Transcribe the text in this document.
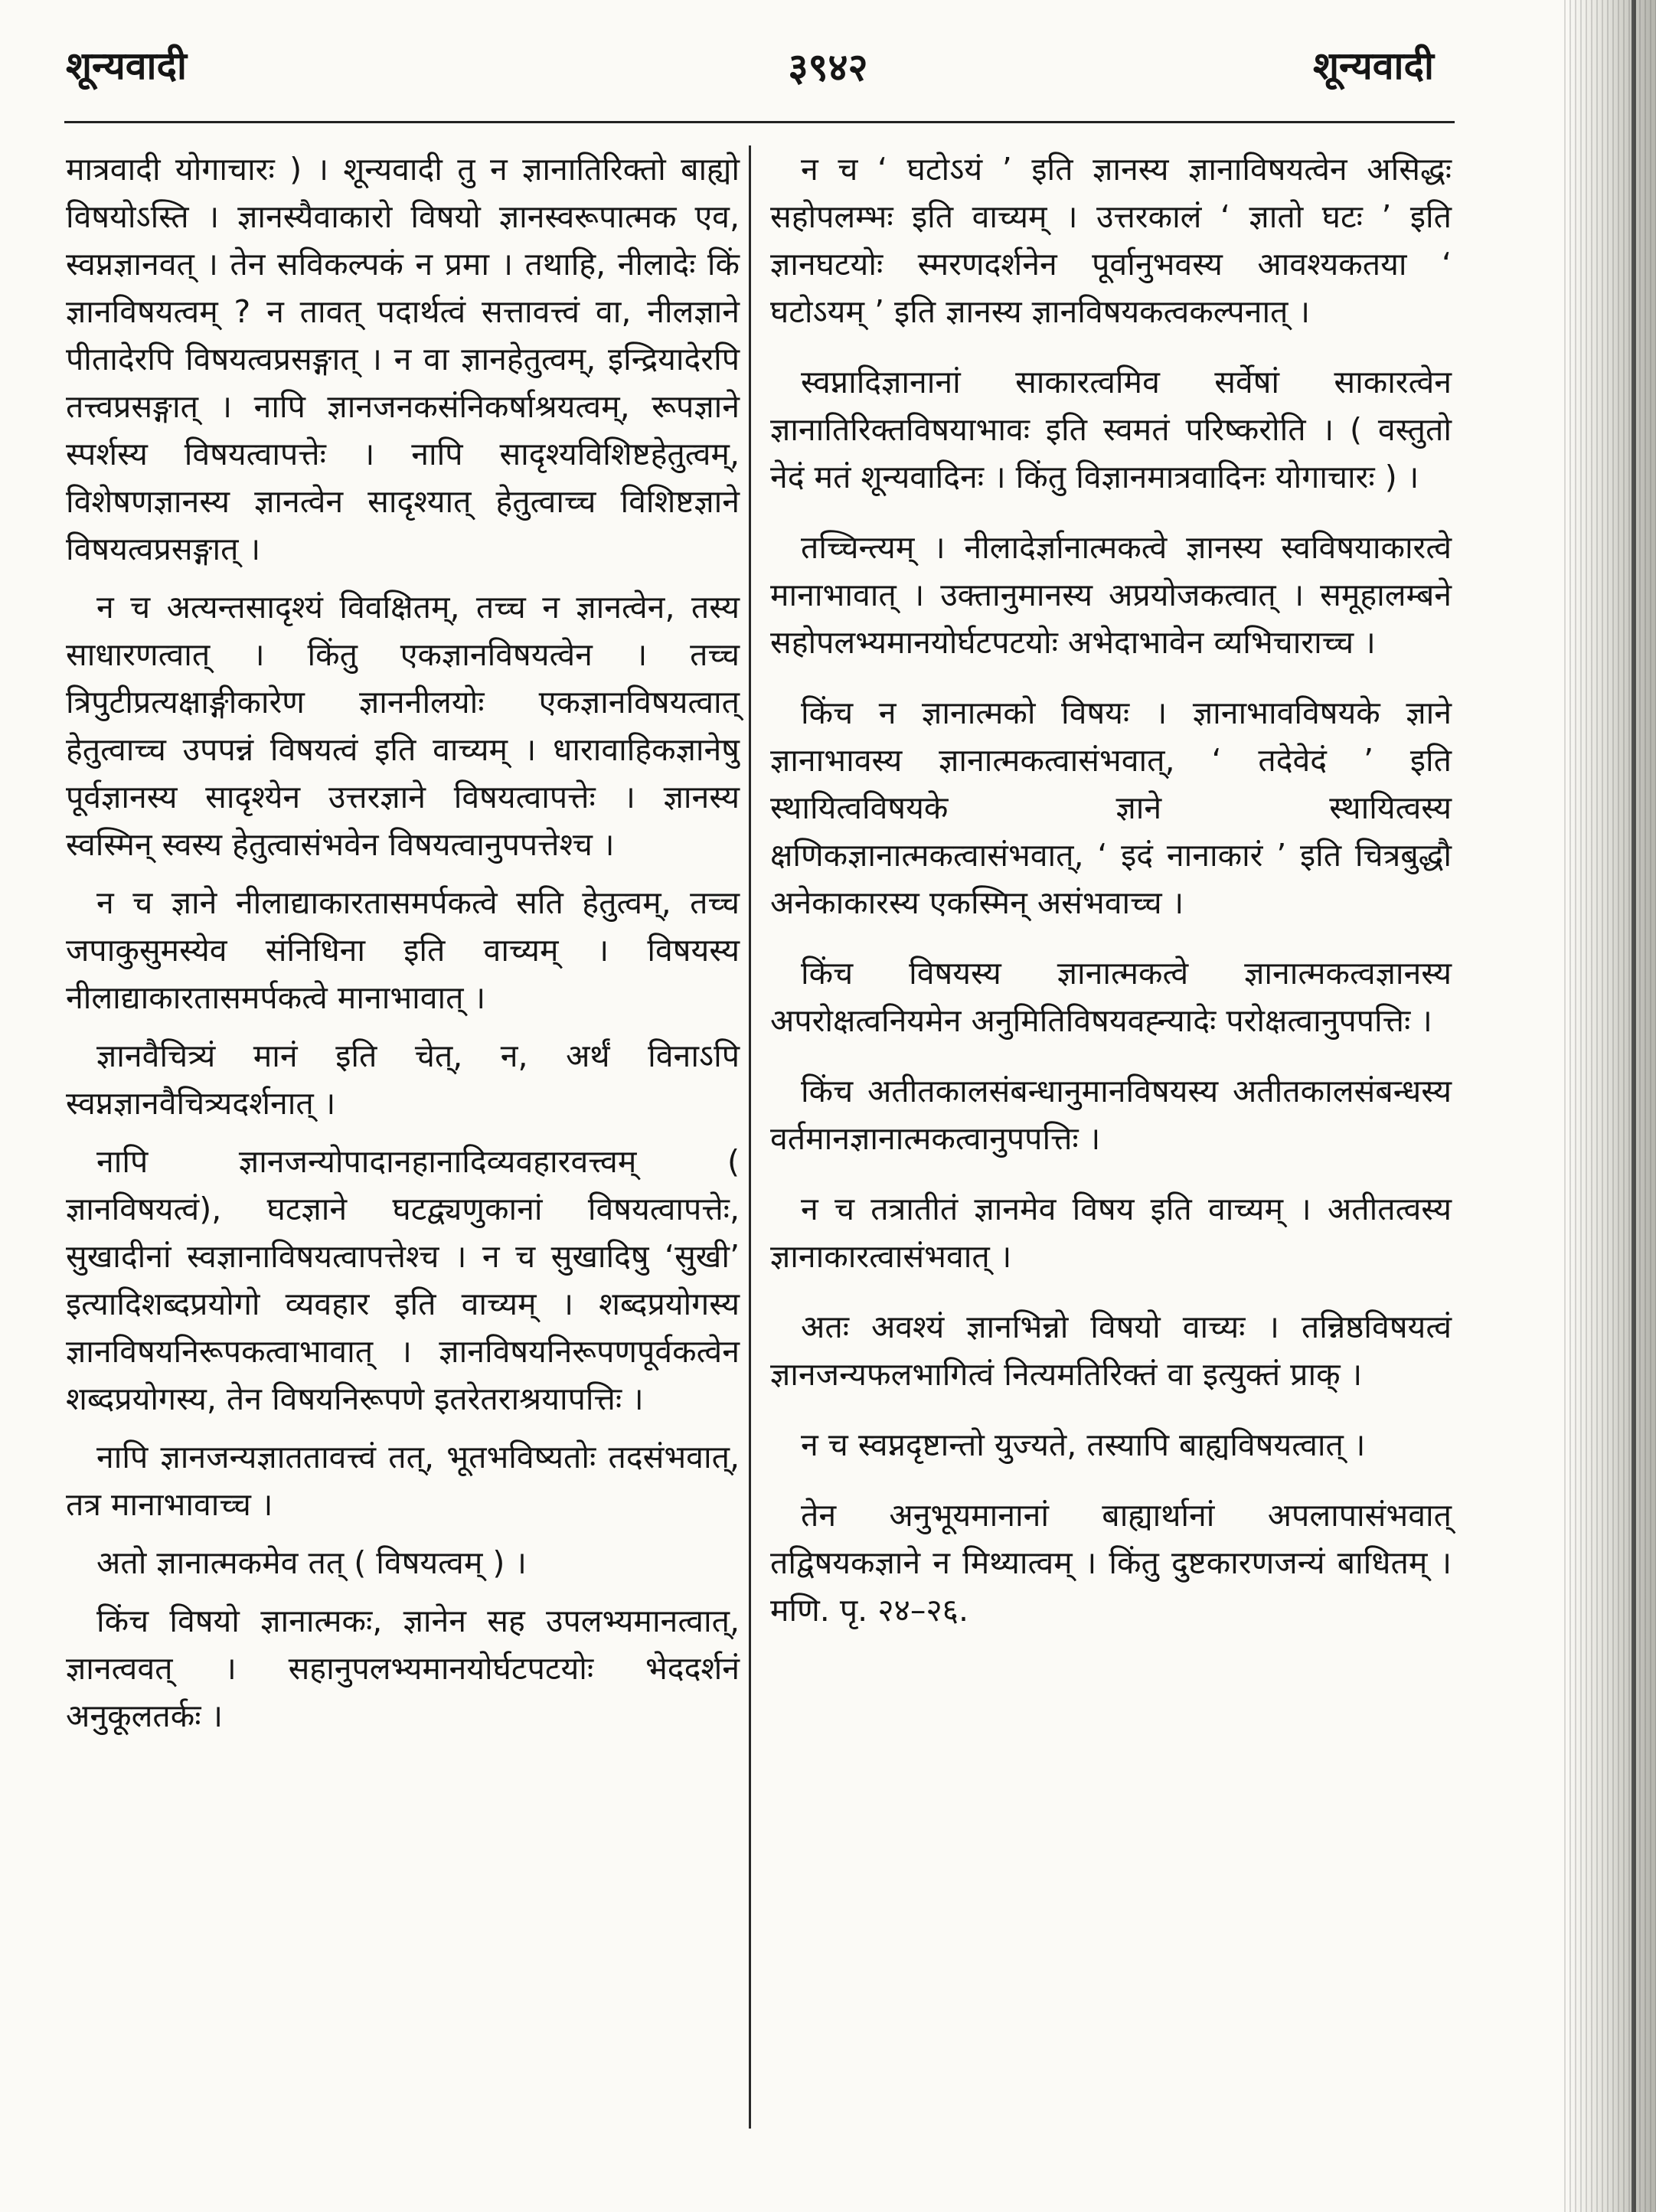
शून्यवादी	३९४२	शून्यवादी

मात्रवादी योगाचारः ) । शून्यवादी तु न ज्ञानातिरिक्तो बाह्यो विषयोऽस्ति । ज्ञानस्यैवाकारो विषयो ज्ञानस्वरूपात्मक एव, स्वप्नज्ञानवत् । तेन सविकल्पकं न प्रमा । तथाहि, नीलादेः किं ज्ञानविषयत्वम् ? न तावत् पदार्थत्वं सत्तावत्त्वं वा, नीलज्ञाने पीतादेरपि विषयत्वप्रसङ्गात् । न वा ज्ञानहेतुत्वम्, इन्द्रियादेरपि तत्त्वप्रसङ्गात् । नापि ज्ञानजनकसंनिकर्षाश्रयत्वम्, रूपज्ञाने स्पर्शस्य विषयत्वापत्तेः । नापि सादृश्यविशिष्टहेतुत्वम्, विशेषणज्ञानस्य ज्ञानत्वेन सादृश्यात् हेतुत्वाच्च विशिष्टज्ञाने विषयत्वप्रसङ्गात् ।

न च अत्यन्तसादृश्यं विवक्षितम्, तच्च न ज्ञानत्वेन, तस्य साधारणत्वात् । किंतु एकज्ञानविषयत्वेन । तच्च त्रिपुटीप्रत्यक्षाङ्गीकारेण ज्ञाननीलयोः एकज्ञानविषयत्वात् हेतुत्वाच्च उपपन्नं विषयत्वं इति वाच्यम् । धारावाहिकज्ञानेषु पूर्वज्ञानस्य सादृश्येन उत्तरज्ञाने विषयत्वापत्तेः । ज्ञानस्य स्वस्मिन् स्वस्य हेतुत्वासंभवेन विषयत्वानुपपत्तेश्च ।

न च ज्ञाने नीलाद्याकारतासमर्पकत्वे सति हेतुत्वम्, तच्च जपाकुसुमस्येव संनिधिना इति वाच्यम् । विषयस्य नीलाद्याकारतासमर्पकत्वे मानाभावात् ।

ज्ञानवैचित्र्यं मानं इति चेत्, न, अर्थं विनाऽपि स्वप्नज्ञानवैचित्र्यदर्शनात् ।

नापि ज्ञानजन्योपादानहानादिव्यवहारवत्त्वम् ( ज्ञानविषयत्वं), घटज्ञाने घटद्व्यणुकानां विषयत्वापत्तेः, सुखादीनां स्वज्ञानाविषयत्वापत्तेश्च । न च सुखादिषु ‘सुखी’ इत्यादिशब्दप्रयोगो व्यवहार इति वाच्यम् । शब्दप्रयोगस्य ज्ञानविषयनिरूपकत्वाभावात् । ज्ञानविषयनिरूपणपूर्वकत्वेन शब्दप्रयोगस्य, तेन विषयनिरूपणे इतरेतराश्रयापत्तिः ।

नापि ज्ञानजन्यज्ञाततावत्त्वं तत्, भूतभविष्यतोः तदसंभवात्, तत्र मानाभावाच्च ।

अतो ज्ञानात्मकमेव तत् ( विषयत्वम् ) ।

किंच विषयो ज्ञानात्मकः, ज्ञानेन सह उपलभ्यमानत्वात्, ज्ञानत्ववत् । सहानुपलभ्यमानयोर्घटपटयोः भेददर्शनं अनुकूलतर्कः ।

न च ‘ घटोऽयं ’ इति ज्ञानस्य ज्ञानाविषयत्वेन असिद्धः सहोपलम्भः इति वाच्यम् । उत्तरकालं ‘ ज्ञातो घटः ’ इति ज्ञानघटयोः स्मरणदर्शनेन पूर्वानुभवस्य आवश्यकतया ‘ घटोऽयम् ’ इति ज्ञानस्य ज्ञानविषयकत्वकल्पनात् ।

स्वप्नादिज्ञानानां साकारत्वमिव सर्वेषां साकारत्वेन ज्ञानातिरिक्तविषयाभावः इति स्वमतं परिष्करोति । ( वस्तुतो नेदं मतं शून्यवादिनः । किंतु विज्ञानमात्रवादिनः योगाचारः ) ।

तच्चिन्त्यम् । नीलादेर्ज्ञानात्मकत्वे ज्ञानस्य स्वविषयाकारत्वे मानाभावात् । उक्तानुमानस्य अप्रयोजकत्वात् । समूहालम्बने सहोपलभ्यमानयोर्घटपटयोः अभेदाभावेन व्यभिचाराच्च ।

किंच न ज्ञानात्मको विषयः । ज्ञानाभावविषयके ज्ञाने ज्ञानाभावस्य ज्ञानात्मकत्वासंभवात्, ‘ तदेवेदं ’ इति स्थायित्वविषयके ज्ञाने स्थायित्वस्य क्षणिकज्ञानात्मकत्वासंभवात्, ‘ इदं नानाकारं ’ इति चित्रबुद्धौ अनेकाकारस्य एकस्मिन् असंभवाच्च ।

किंच विषयस्य ज्ञानात्मकत्वे ज्ञानात्मकत्वज्ञानस्य अपरोक्षत्वनियमेन अनुमितिविषयवह्न्यादेः परोक्षत्वानुपपत्तिः ।

किंच अतीतकालसंबन्धानुमानविषयस्य अतीतकालसंबन्धस्य वर्तमानज्ञानात्मकत्वानुपपत्तिः ।

न च तत्रातीतं ज्ञानमेव विषय इति वाच्यम् । अतीतत्वस्य ज्ञानाकारत्वासंभवात् ।

अतः अवश्यं ज्ञानभिन्नो विषयो वाच्यः । तन्निष्ठविषयत्वं ज्ञानजन्यफलभागित्वं नित्यमतिरिक्तं वा इत्युक्तं प्राक् ।

न च स्वप्नदृष्टान्तो युज्यते, तस्यापि बाह्यविषयत्वात् ।

तेन अनुभूयमानानां बाह्यार्थानां अपलापासंभवात् तद्विषयकज्ञाने न मिथ्यात्वम् । किंतु दुष्टकारणजन्यं बाधितम् । मणि. पृ. २४–२६.
